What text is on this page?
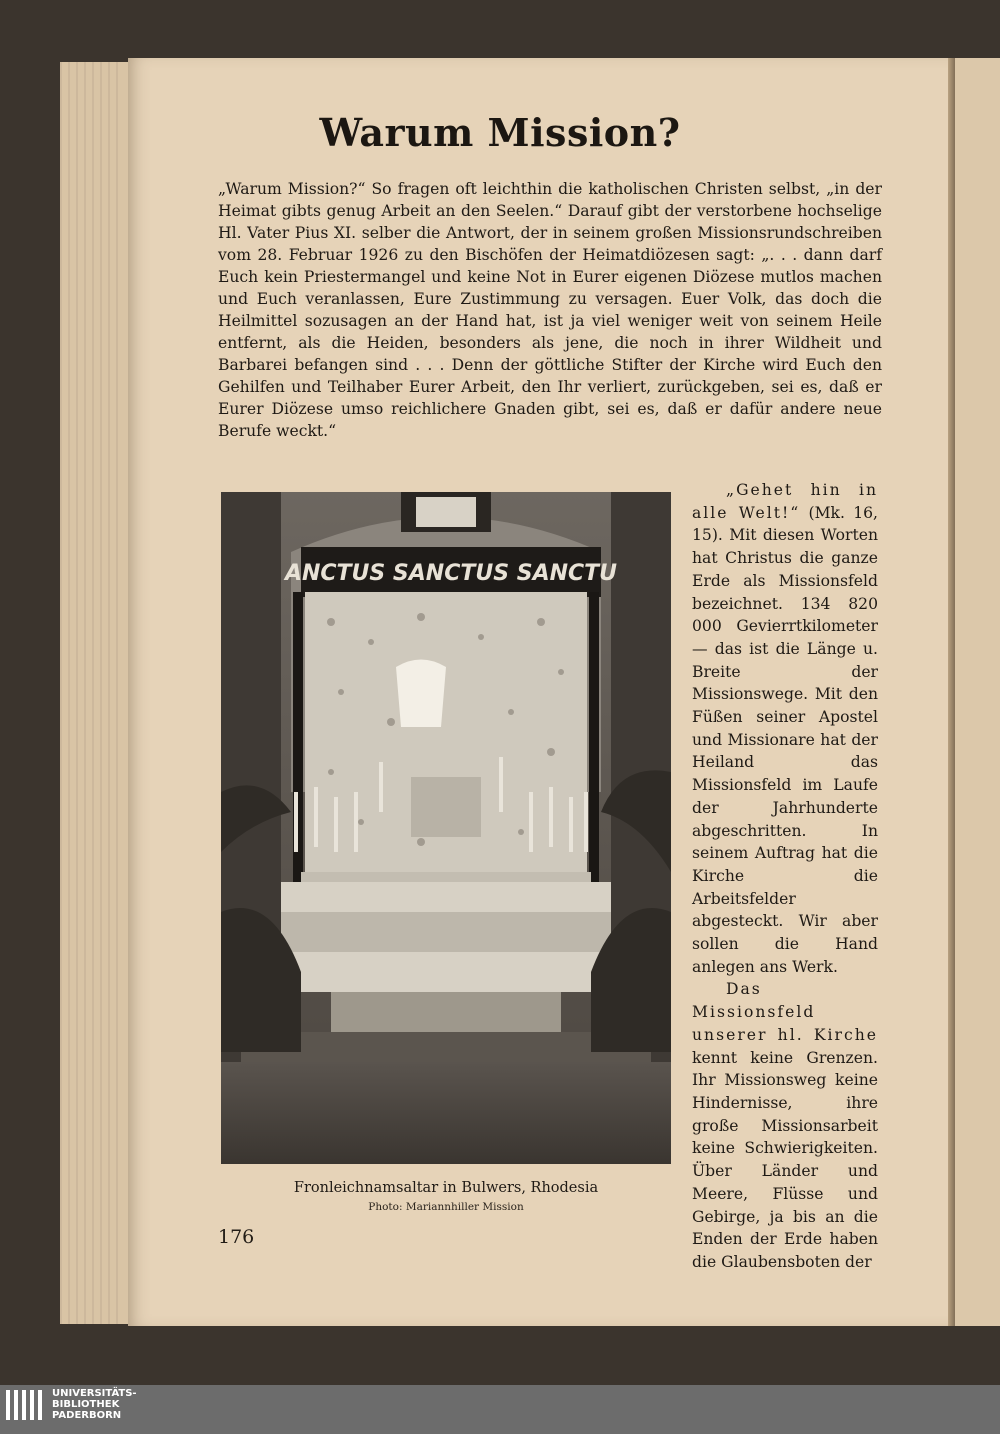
Warum Mission?

„Warum Mission?“ So fragen oft leichthin die katholischen Christen selbst, „in der Heimat gibts genug Arbeit an den Seelen.“ Darauf gibt der verstorbene hochselige Hl. Vater Pius XI. selber die Antwort, der in seinem großen Missionsrundschreiben vom 28. Februar 1926 zu den Bischöfen der Heimatdiözesen sagt: „. . . dann darf Euch kein Priestermangel und keine Not in Eurer eigenen Diözese mutlos machen und Euch veranlassen, Eure Zustimmung zu versagen. Euer Volk, das doch die Heilmittel sozusagen an der Hand hat, ist ja viel weniger weit von seinem Heile entfernt, als die Heiden, besonders als jene, die noch in ihrer Wildheit und Barbarei befangen sind . . . Denn der göttliche Stifter der Kirche wird Euch den Gehilfen und Teilhaber Eurer Arbeit, den Ihr verliert, zurückgeben, sei es, daß er Eurer Diözese umso reichlichere Gnaden gibt, sei es, daß er dafür andere neue Berufe weckt.“

ANCTUS SANCTUS SANCTU

Fronleichnamsaltar in Bulwers, Rhodesia

Photo: Mariannhiller Mission

„Gehet hin in alle Welt!“ (Mk. 16, 15). Mit diesen Worten hat Christus die ganze Erde als Missionsfeld bezeichnet. 134 820 000 Gevierrtkilometer — das ist die Länge u. Breite der Missionswege. Mit den Füßen seiner Apostel und Missionare hat der Heiland das Missionsfeld im Laufe der Jahrhunderte abgeschritten. In seinem Auftrag hat die Kirche die Arbeitsfelder abgesteckt. Wir aber sollen die Hand anlegen ans Werk.

Das Missionsfeld unserer hl. Kirche kennt keine Grenzen. Ihr Missionsweg keine Hindernisse, ihre große Missionsarbeit keine Schwierigkeiten. Über Länder und Meere, Flüsse und Gebirge, ja bis an die Enden der Erde haben die Glaubensboten der

176

UNIVERSITÄTS-
BIBLIOTHEK
PADERBORN
